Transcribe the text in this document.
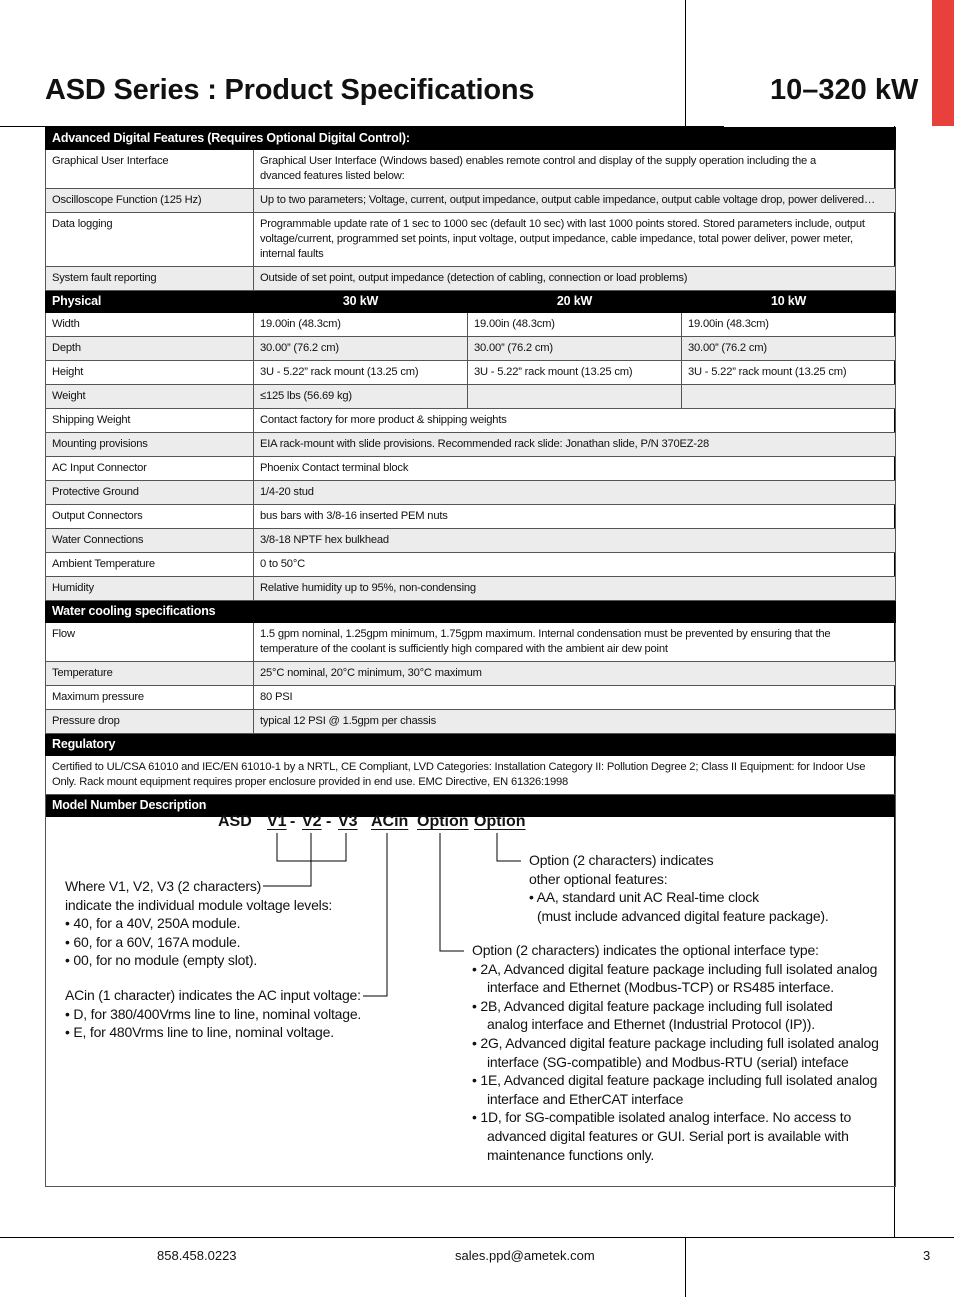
ASD Series : Product Specifications	10–320 kW
Advanced Digital Features (Requires Optional Digital Control):			
Graphical User Interface	Graphical User Interface (Windows based) enables remote control and display of the supply operation including the a
dvanced features listed below:		
Oscilloscope Function (125 Hz)	Up to two parameters; Voltage, current, output impedance, output cable impedance, output cable voltage drop, power delivered…		

Data logging	Programmable update rate of 1 sec to 1000 sec (default 10 sec) with last 1000 points stored. Stored parameters include, output voltage/current, programmed set points, input voltage, output impedance, cable impedance, total power deliver, power meter, internal faults		
System fault reporting	Outside of set point, output impedance (detection of cabling, connection or load problems)		
Physical	30 kW	20 kW	10 kW
Width	19.00in (48.3cm)	19.00in (48.3cm)	19.00in (48.3cm)
Depth	30.00” (76.2 cm)	30.00” (76.2 cm)	30.00” (76.2 cm)
Height	3U - 5.22” rack mount (13.25 cm)	3U - 5.22” rack mount (13.25 cm)	3U - 5.22” rack mount (13.25 cm)
Weight	≤125 lbs (56.69 kg)		
Shipping Weight	Contact factory for more product & shipping weights		
Mounting provisions	EIA rack-mount with slide provisions. Recommended rack slide: Jonathan slide, P/N 370EZ-28		
AC Input Connector	Phoenix Contact terminal block		
Protective Ground	1/4-20 stud		
Output Connectors	bus bars with 3/8-16 inserted PEM nuts		
Water Connections	3/8-18 NPTF hex bulkhead		
Ambient Temperature	0 to 50°C		
Humidity	Relative humidity up to 95%, non-condensing		
Water cooling specifications			
Flow	1.5 gpm nominal, 1.25gpm minimum, 1.75gpm maximum. Internal condensation must be prevented by ensuring that the temperature of the coolant is sufficiently high compared with the ambient air dew point		
Temperature	25°C nominal, 20°C minimum, 30°C maximum		
Maximum pressure	80 PSI		
Pressure drop	typical 12 PSI @ 1.5gpm per chassis		
Regulatory			
Certified to UL/CSA 61010 and IEC/EN 61010-1 by a NRTL, CE Compliant, LVD Categories: Installation Category II: Pollution Degree 2; Class II Equipment: for Indoor Use Only. Rack mount equipment requires proper enclosure provided in end use. EMC Directive, EN 61326:1998			
Model Number Description			
ASD V1 - V2 - V3 ACin Option Option
Where V1, V2, V3 (2 characters)
indicate the individual module voltage levels:
• 40, for a 40V, 250A module.
• 60, for a 60V, 167A module.
• 00, for no module (empty slot).
ACin (1 character) indicates the AC input voltage:
• D, for 380/400Vrms line to line, nominal voltage.
• E, for 480Vrms line to line, nominal voltage.
Option (2 characters) indicates
other optional features:
• AA, standard unit AC Real-time clock
(must include advanced digital feature package).
Option (2 characters) indicates the optional interface type:
• 2A, Advanced digital feature package including full isolated analog
interface and Ethernet (Modbus-TCP) or RS485 interface.
• 2B, Advanced digital feature package including full isolated
analog interface and Ethernet (Industrial Protocol (IP)).
• 2G, Advanced digital feature package including full isolated analog
interface (SG-compatible) and Modbus-RTU (serial) inteface
• 1E, Advanced digital feature package including full isolated analog
interface and EtherCAT interface
• 1D, for SG-compatible isolated analog interface. No access to
advanced digital features or GUI. Serial port is available with
maintenance functions only.
858.458.0223	sales.ppd@ametek.com	3
